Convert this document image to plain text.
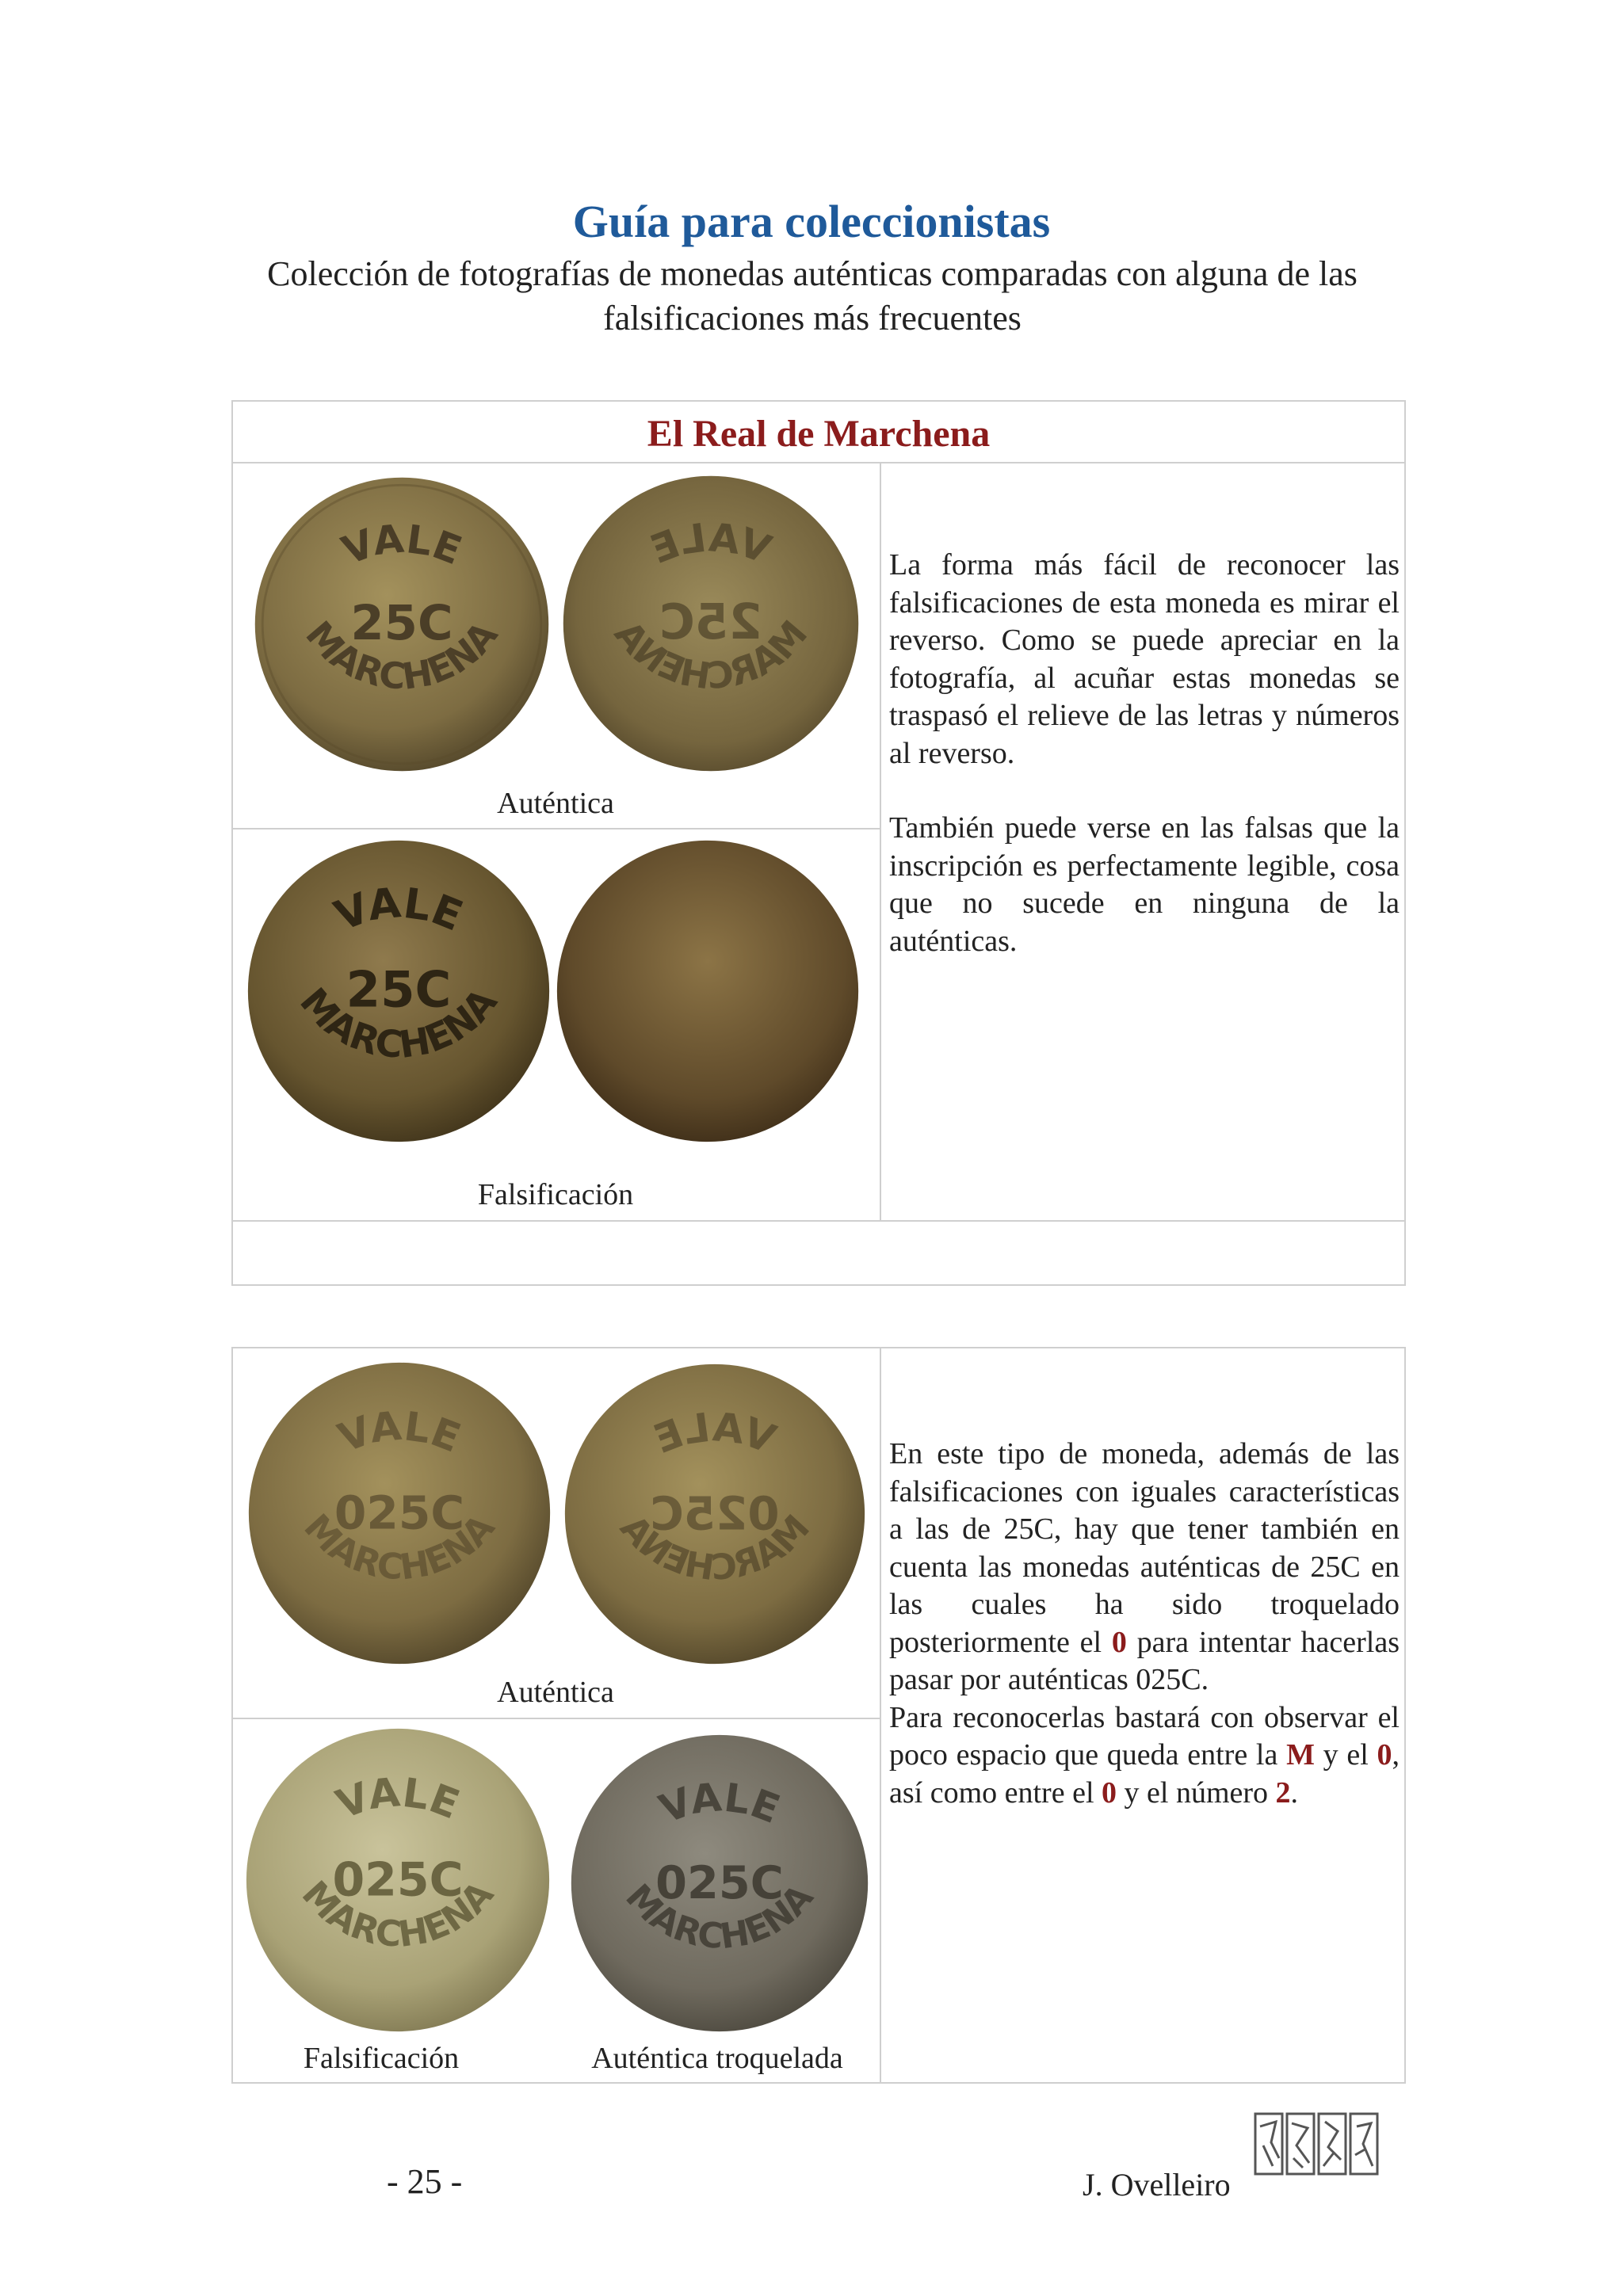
Guía para coleccionistas
Colección de fotografías de monedas auténticas comparadas con alguna de las falsificaciones más frecuentes
El Real de Marchena
VALE
25C
MARCHENA
VALE
25C
MARCHENA
Auténtica
VALE
25C
MARCHENA
Falsificación

La forma más fácil de reconocer las falsificaciones de esta moneda es mirar el reverso. Como se puede apreciar en la fotografía, al acuñar estas monedas se traspasó el relieve de las letras y números al reverso.

También puede verse en las falsas que la inscripción es perfectamente legible, cosa que no sucede en ninguna de la auténticas.

VALE
025C
MARCHENA
VALE
025C
MARCHENA
Auténtica
VALE
025C
MARCHENA
VALE
025C
MARCHENA
Falsificación	Auténtica troquelada

En este tipo de moneda, además de las falsificaciones con iguales características a las de 25C, hay que tener también en cuenta las monedas auténticas de 25C en las cuales ha sido troquelado posteriormente el 0 para intentar hacerlas pasar por auténticas 025C.

Para reconocerlas bastará con observar el poco espacio que queda entre la M y el 0, así como entre el 0 y el número 2.

- 25 -	J. Ovelleiro
